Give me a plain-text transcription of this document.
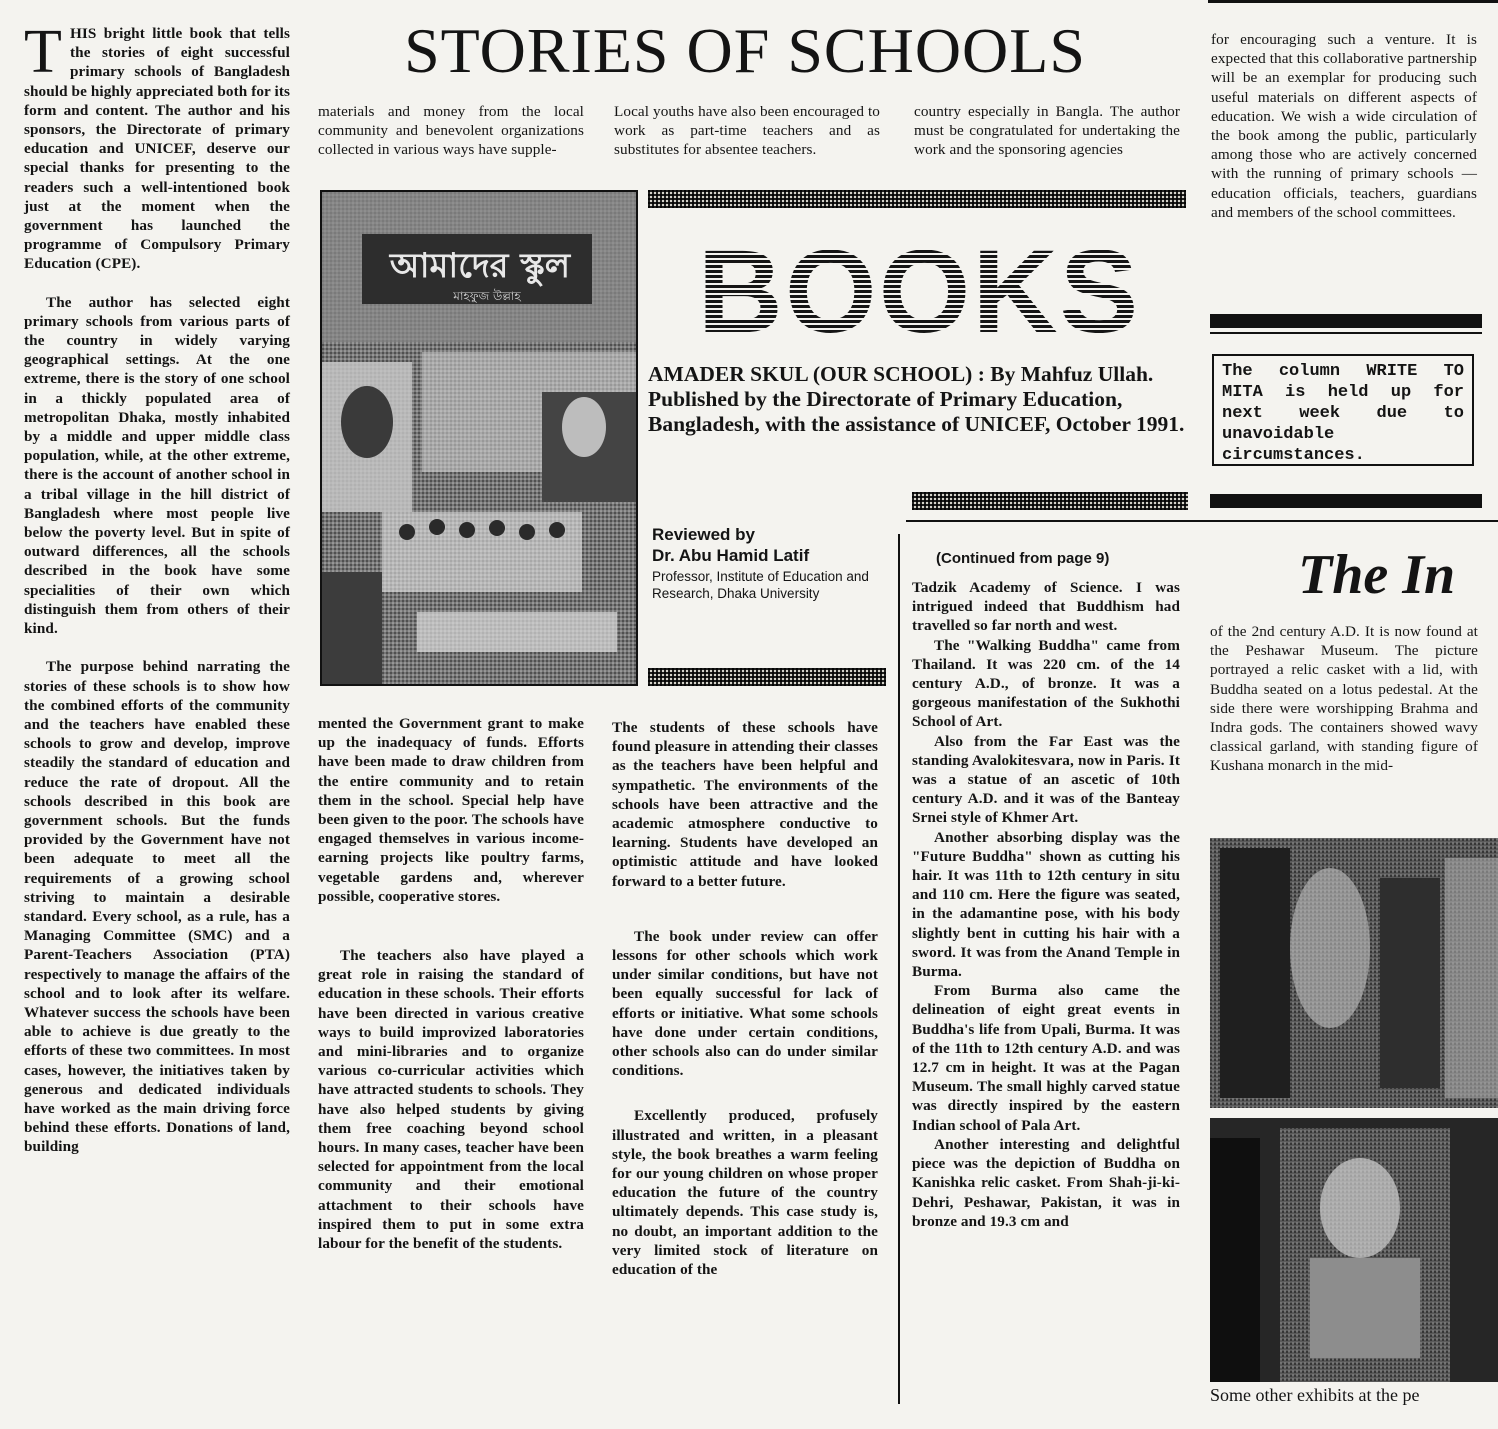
THIS bright little book that tells the stories of eight successful primary schools of Bangladesh should be highly appreciated both for its form and content. The author and his sponsors, the Directorate of primary education and UNICEF, deserve our special thanks for presenting to the readers such a well-intentioned book just at the moment when the government has launched the programme of Compulsory Primary Education (CPE).

The author has selected eight primary schools from various parts of the country in widely varying geographical settings. At the one extreme, there is the story of one school in a thickly populated area of metropolitan Dhaka, mostly inhabited by a middle and upper middle class population, while, at the other extreme, there is the account of another school in a tribal village in the hill district of Bangladesh where most people live below the poverty level. But in spite of outward differences, all the schools described in the book have some specialities of their own which distinguish them from others of their kind.

The purpose behind narrating the stories of these schools is to show how the combined efforts of the community and the teachers have enabled these schools to grow and develop, improve steadily the standard of education and reduce the rate of dropout. All the schools described in this book are government schools. But the funds provided by the Government have not been adequate to meet all the requirements of a growing school striving to maintain a desirable standard. Every school, as a rule, has a Managing Committee (SMC) and a Parent-Teachers Association (PTA) respectively to manage the affairs of the school and to look after its welfare. Whatever success the schools have been able to achieve is due greatly to the efforts of these two committees. In most cases, however, the initiatives taken by generous and dedicated individuals have worked as the main driving force behind these efforts. Donations of land, building

STORIES OF SCHOOLS

materials and money from the local community and benevolent organizations collected in various ways have supple-

Local youths have also been encouraged to work as part-time teachers and as substitutes for absentee teachers.

country especially in Bangla. The author must be congratulated for undertaking the work and the sponsoring agencies

for encouraging such a venture. It is expected that this collaborative partnership will be an exemplar for producing such useful materials on different aspects of education. We wish a wide circulation of the book among the public, particularly among those who are actively concerned with the running of primary schools — education officials, teachers, guardians and members of the school committees.

আমাদের স্কুল
মাহফুজ উল্লাহ	BOOKS
AMADER SKUL (OUR SCHOOL) : By Mahfuz Ullah. Published by the Directorate of Primary Education, Bangladesh, with the assistance of UNICEF, October 1991.
Reviewed by
Dr. Abu Hamid Latif
Professor, Institute of Education and Research, Dhaka University

mented the Government grant to make up the inadequacy of funds. Efforts have been made to draw children from the entire community and to retain them in the school. Special help have been given to the poor. The schools have engaged themselves in various income-earning projects like poultry farms, vegetable gardens and, wherever possible, cooperative stores.

The teachers also have played a great role in raising the standard of education in these schools. Their efforts have been directed in various creative ways to build improvized laboratories and mini-libraries and to organize various co-curricular activities which have attracted students to schools. They have also helped students by giving them free coaching beyond school hours. In many cases, teacher have been selected for appointment from the local community and their emotional attachment to their schools have inspired them to put in some extra labour for the benefit of the students.

The students of these schools have found pleasure in attending their classes as the teachers have been helpful and sympathetic. The environments of the schools have been attractive and the academic atmosphere conductive to learning. Students have developed an optimistic attitude and have looked forward to a better future.

The book under review can offer lessons for other schools which work under similar conditions, but have not been equally successful for lack of efforts or initiative. What some schools have done under certain conditions, other schools also can do under similar conditions.

Excellently produced, profusely illustrated and written, in a pleasant style, the book breathes a warm feeling for our young children on whose proper education the future of the country ultimately depends. This case study is, no doubt, an important addition to the very limited stock of literature on education of the

(Continued from page 9)

Tadzik Academy of Science. I was intrigued indeed that Buddhism had travelled so far north and west.

The "Walking Buddha" came from Thailand. It was 220 cm. of the 14 century A.D., of bronze. It was a gorgeous manifestation of the Sukhothi School of Art.

Also from the Far East was the standing Avalokitesvara, now in Paris. It was a statue of an ascetic of 10th century A.D. and it was of the Banteay Srnei style of Khmer Art.

Another absorbing display was the "Future Buddha" shown as cutting his hair. It was 11th to 12th century in situ and 110 cm. Here the figure was seated, in the adamantine pose, with his body slightly bent in cutting his hair with a sword. It was from the Anand Temple in Burma.

From Burma also came the delineation of eight great events in Buddha's life from Upali, Burma. It was of the 11th to 12th century A.D. and was 12.7 cm in height. It was at the Pagan Museum. The small highly carved statue was directly inspired by the eastern Indian school of Pala Art.

Another interesting and delightful piece was the depiction of Buddha on Kanishka relic casket. From Shah-ji-ki-Dehri, Peshawar, Pakistan, it was in bronze and 19.3 cm and

The column WRITE TO MITA is held up for next week due to unavoidable circumstances.
The In

of the 2nd century A.D. It is now found at the Peshawar Museum. The picture portrayed a relic casket with a lid, with Buddha seated on a lotus pedestal. At the side there were worshipping Brahma and Indra gods. The containers showed wavy classical garland, with standing figure of Kushana monarch in the mid-

Some other exhibits at the pe
